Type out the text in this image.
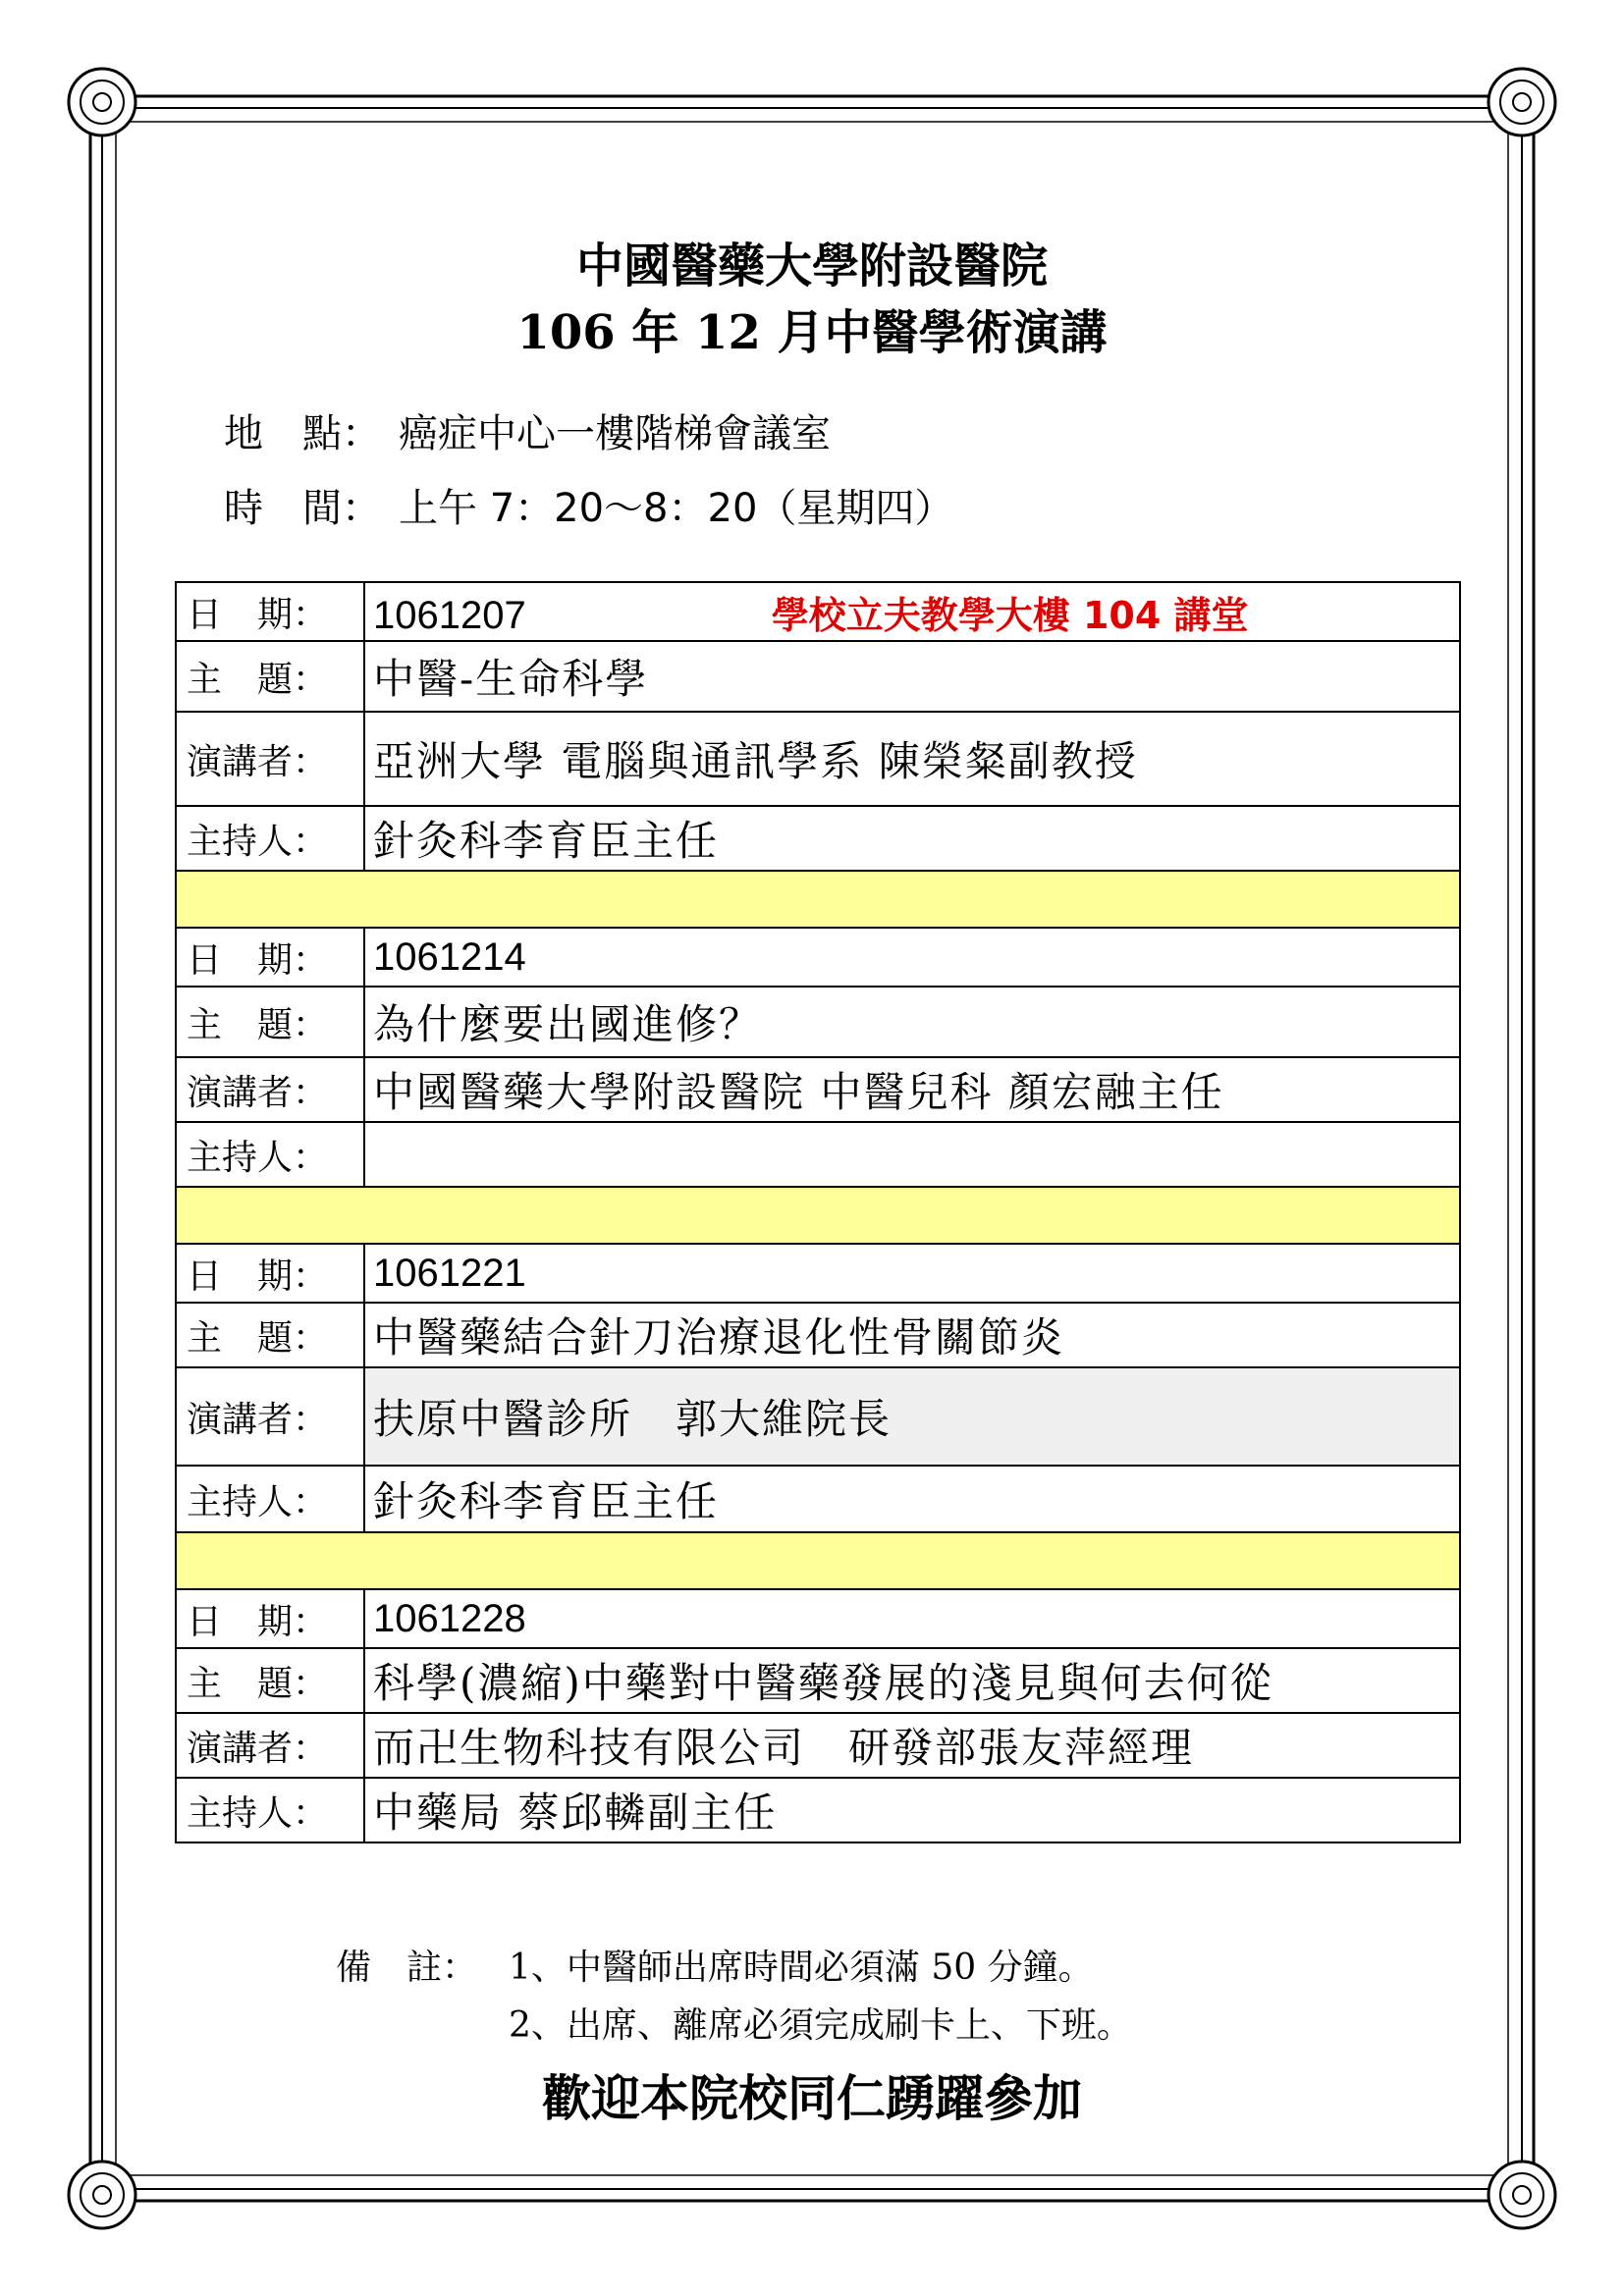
中國醫藥大學附設醫院
106 年 12 月中醫學術演講
地　點： 癌症中心一樓階梯會議室
時　間： 上午 7：20～8：20（星期四）
日　期：	1061207 學校立夫教學大樓 104 講堂
主　題：	中醫-生命科學
演講者：	亞洲大學 電腦與通訊學系 陳榮粲副教授
主持人：	針灸科李育臣主任

日　期：	1061214
主　題：	為什麼要出國進修？
演講者：	中國醫藥大學附設醫院 中醫兒科 顏宏融主任
主持人：	

日　期：	1061221
主　題：	中醫藥結合針刀治療退化性骨關節炎
演講者：	扶原中醫診所　郭大維院長
主持人：	針灸科李育臣主任

日　期：	1061228
主　題：	科學(濃縮)中藥對中醫藥發展的淺見與何去何從
演講者：	而卍生物科技有限公司　研發部張友萍經理
主持人：	中藥局 蔡邱轔副主任
備　註： 1、中醫師出席時間必須滿 50 分鐘。
2、出席、離席必須完成刷卡上、下班。
歡迎本院校同仁踴躍參加
